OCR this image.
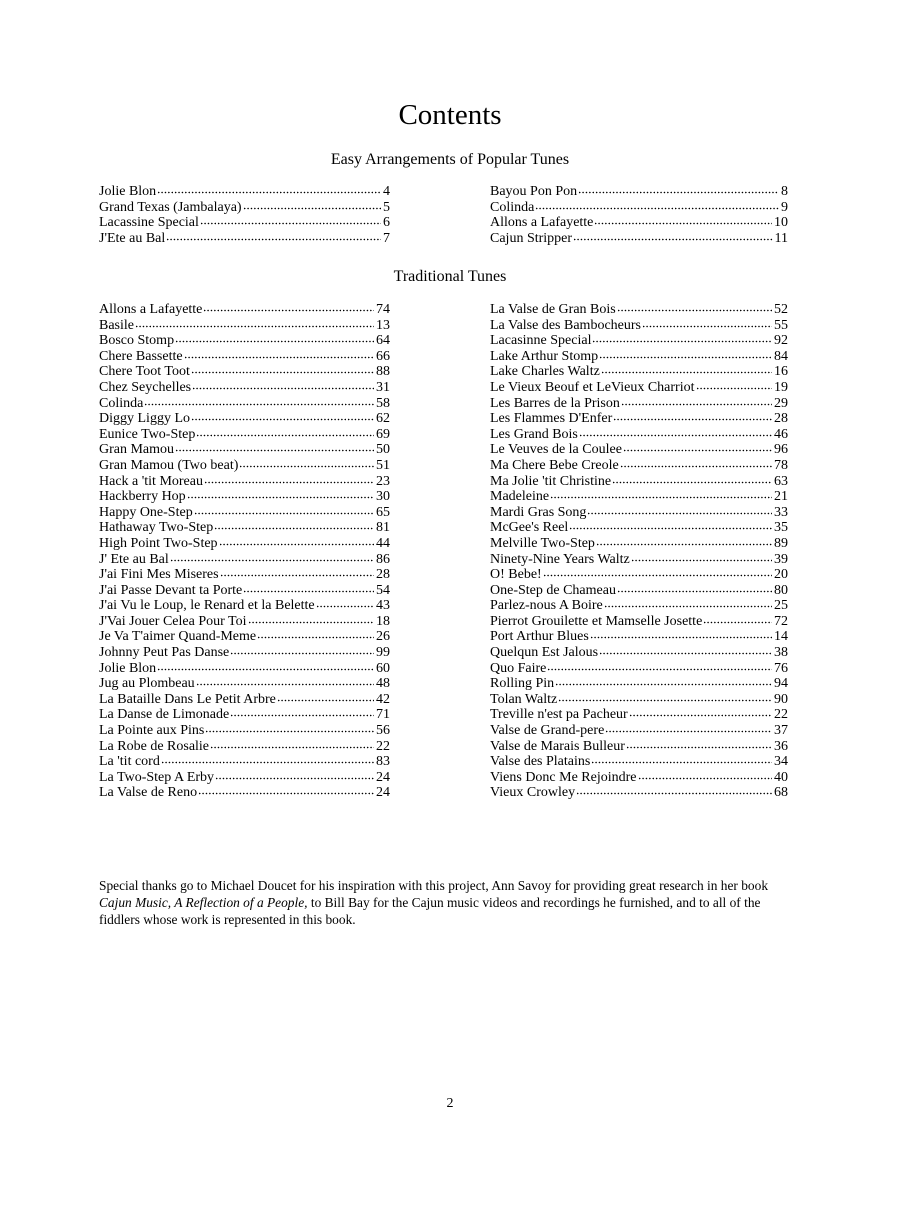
Contents
Easy Arrangements of Popular Tunes
Jolie Blon	4
Grand Texas (Jambalaya)	5
Lacassine Special	6
J'Ete au Bal	7
Bayou Pon Pon	8
Colinda	9
Allons a Lafayette	10
Cajun Stripper	11
Traditional Tunes
Allons a Lafayette	74
Basile	13
Bosco Stomp	64
Chere Bassette	66
Chere Toot Toot	88
Chez Seychelles	31
Colinda	58
Diggy Liggy Lo	62
Eunice Two-Step	69
Gran Mamou	50
Gran Mamou (Two beat)	51
Hack a 'tit Moreau	23
Hackberry Hop	30
Happy One-Step	65
Hathaway Two-Step	81
High Point Two-Step	44
J' Ete au Bal	86
J'ai Fini Mes Miseres	28
J'ai Passe Devant ta Porte	54
J'ai Vu le Loup, le Renard et la Belette	43
J'Vai Jouer Celea Pour Toi	18
Je Va T'aimer Quand-Meme	26
Johnny Peut Pas Danse	99
Jolie Blon	60
Jug au Plombeau	48
La Bataille Dans Le Petit Arbre	42
La Danse de Limonade	71
La Pointe aux Pins	56
La Robe de Rosalie	22
La 'tit cord	83
La Two-Step A Erby	24
La Valse de Reno	24
La Valse de Gran Bois	52
La Valse des Bambocheurs	55
Lacasinne Special	92
Lake Arthur Stomp	84
Lake Charles Waltz	16
Le Vieux Beouf et LeVieux Charriot	19
Les Barres de la Prison	29
Les Flammes D'Enfer	28
Les Grand Bois	46
Le Veuves de la Coulee	96
Ma Chere Bebe Creole	78
Ma Jolie 'tit Christine	63
Madeleine	21
Mardi Gras Song	33
McGee's Reel	35
Melville Two-Step	89
Ninety-Nine Years Waltz	39
O! Bebe!	20
One-Step de Chameau	80
Parlez-nous A Boire	25
Pierrot Grouilette et Mamselle Josette	72
Port Arthur Blues	14
Quelqun Est Jalous	38
Quo Faire	76
Rolling Pin	94
Tolan Waltz	90
Treville n'est pa Pacheur	22
Valse de Grand-pere	37
Valse de Marais Bulleur	36
Valse des Platains	34
Viens Donc Me Rejoindre	40
Vieux Crowley	68

Special thanks go to Michael Doucet for his inspiration with this project, Ann Savoy for providing great research in her book Cajun Music, A Reflection of a People, to Bill Bay for the Cajun music videos and recordings he furnished, and to all of the fiddlers whose work is represented in this book.

2
